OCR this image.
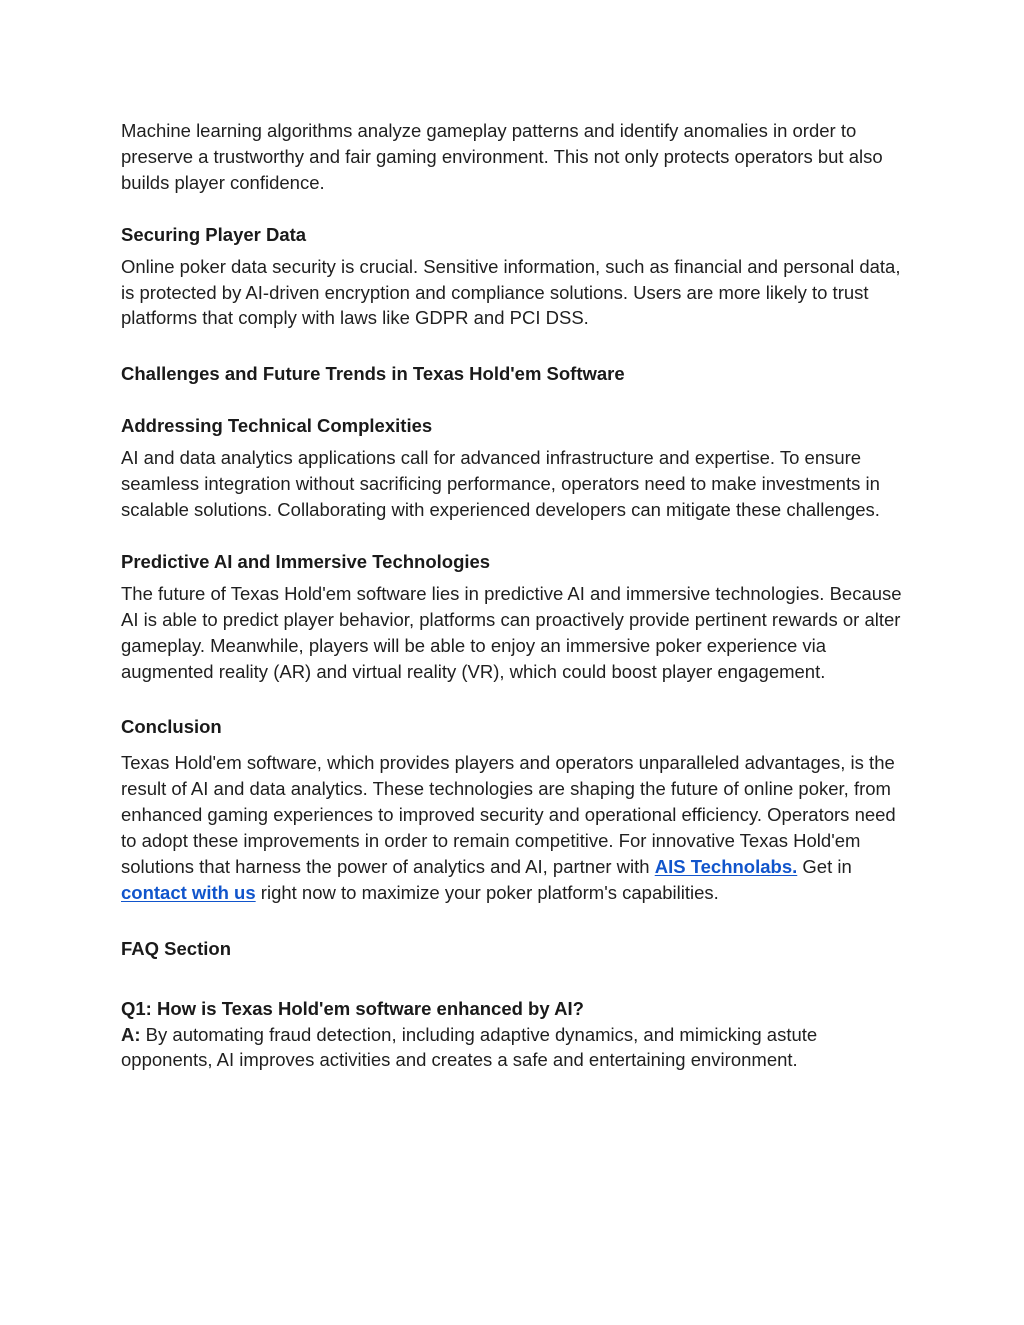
Machine learning algorithms analyze gameplay patterns and identify anomalies in order to preserve a trustworthy and fair gaming environment. This not only protects operators but also builds player confidence.

Securing Player Data

Online poker data security is crucial. Sensitive information, such as financial and personal data, is protected by AI-driven encryption and compliance solutions. Users are more likely to trust platforms that comply with laws like GDPR and PCI DSS.

Challenges and Future Trends in Texas Hold'em Software
Addressing Technical Complexities

AI and data analytics applications call for advanced infrastructure and expertise. To ensure seamless integration without sacrificing performance, operators need to make investments in scalable solutions. Collaborating with experienced developers can mitigate these challenges.

Predictive AI and Immersive Technologies

The future of Texas Hold'em software lies in predictive AI and immersive technologies. Because AI is able to predict player behavior, platforms can proactively provide pertinent rewards or alter gameplay. Meanwhile, players will be able to enjoy an immersive poker experience via augmented reality (AR) and virtual reality (VR), which could boost player engagement.

Conclusion

Texas Hold'em software, which provides players and operators unparalleled advantages, is the result of AI and data analytics. These technologies are shaping the future of online poker, from enhanced gaming experiences to improved security and operational efficiency. Operators need to adopt these improvements in order to remain competitive. For innovative Texas Hold'em solutions that harness the power of analytics and AI, partner with AIS Technolabs. Get in contact with us right now to maximize your poker platform's capabilities.

FAQ Section
Q1: How is Texas Hold'em software enhanced by AI?

A: By automating fraud detection, including adaptive dynamics, and mimicking astute opponents, AI improves activities and creates a safe and entertaining environment.
